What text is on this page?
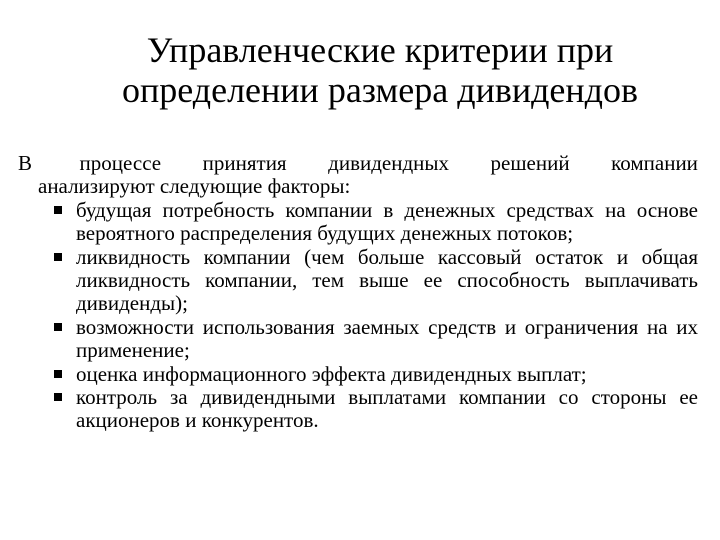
Управленческие критерии при
определении размера дивидендов
В процессе принятия дивидендных решений компании
анализируют следующие факторы:
будущая потребность компании в денежных средствах на основе вероятного распределения будущих денежных потоков;
ликвидность компании (чем больше кассовый остаток и общая ликвидность компании, тем выше ее способность выплачивать дивиденды);
возможности использования заемных средств и ограничения на их применение;
оценка информационного эффекта дивидендных выплат;
контроль за дивидендными выплатами компании со стороны ее акционеров и конкурентов.
